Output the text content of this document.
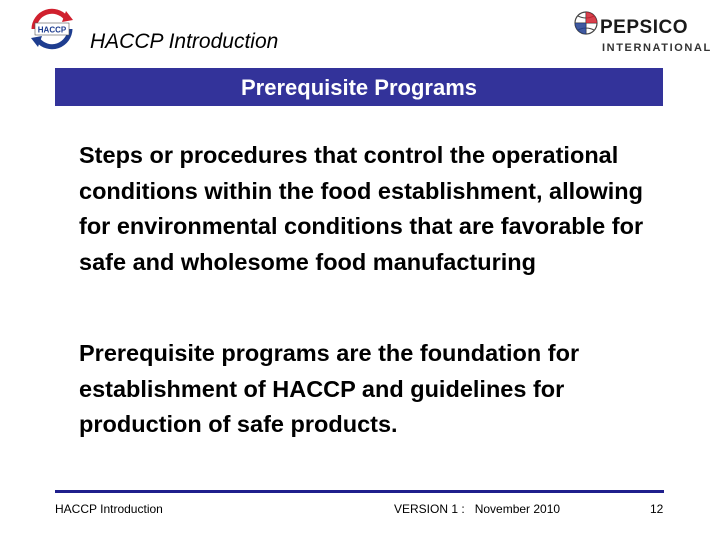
HACCP HACCP Introduction
PEPSICO
INTERNATIONAL
Prerequisite Programs
Steps or procedures that control the operational conditions within the food establishment, allowing for environmental conditions that are favorable for safe and wholesome food manufacturing
Prerequisite programs are the foundation for establishment of HACCP and guidelines for production of safe products.
HACCP Introduction	VERSION 1 :   November 2010	12
